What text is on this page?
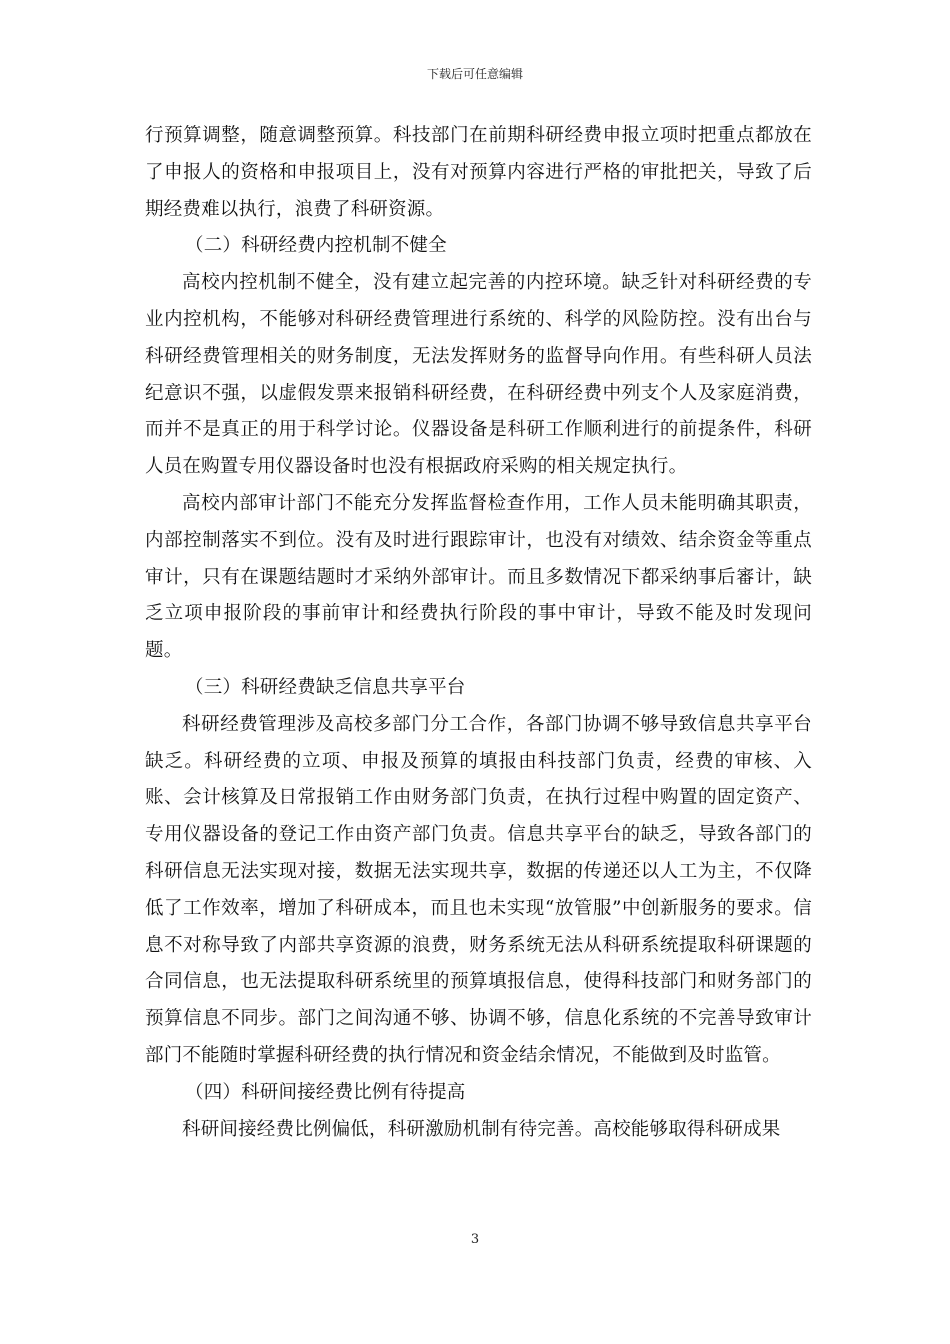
下载后可任意编辑

行预算调整，随意调整预算。科技部门在前期科研经费申报立项时把重点都放在了申报人的资格和申报项目上，没有对预算内容进行严格的审批把关，导致了后期经费难以执行，浪费了科研资源。

（二）科研经费内控机制不健全

高校内控机制不健全，没有建立起完善的内控环境。缺乏针对科研经费的专业内控机构，不能够对科研经费管理进行系统的、科学的风险防控。没有出台与科研经费管理相关的财务制度，无法发挥财务的监督导向作用。有些科研人员法纪意识不强，以虚假发票来报销科研经费，在科研经费中列支个人及家庭消费，而并不是真正的用于科学讨论。仪器设备是科研工作顺利进行的前提条件，科研人员在购置专用仪器设备时也没有根据政府采购的相关规定执行。

高校内部审计部门不能充分发挥监督检查作用，工作人员未能明确其职责，内部控制落实不到位。没有及时进行跟踪审计，也没有对绩效、结余资金等重点审计，只有在课题结题时才采纳外部审计。而且多数情况下都采纳事后審计，缺乏立项申报阶段的事前审计和经费执行阶段的事中审计，导致不能及时发现问题。

（三）科研经费缺乏信息共享平台

科研经费管理涉及高校多部门分工合作，各部门协调不够导致信息共享平台缺乏。科研经费的立项、申报及预算的填报由科技部门负责，经费的审核、入账、会计核算及日常报销工作由财务部门负责，在执行过程中购置的固定资产、专用仪器设备的登记工作由资产部门负责。信息共享平台的缺乏，导致各部门的科研信息无法实现对接，数据无法实现共享，数据的传递还以人工为主，不仅降低了工作效率，增加了科研成本，而且也未实现“放管服”中创新服务的要求。信息不对称导致了内部共享资源的浪费，财务系统无法从科研系统提取科研课题的合同信息，也无法提取科研系统里的预算填报信息，使得科技部门和财务部门的预算信息不同步。部门之间沟通不够、协调不够，信息化系统的不完善导致审计部门不能随时掌握科研经费的执行情况和资金结余情况，不能做到及时监管。

（四）科研间接经费比例有待提高

科研间接经费比例偏低，科研激励机制有待完善。高校能够取得科研成果

3
